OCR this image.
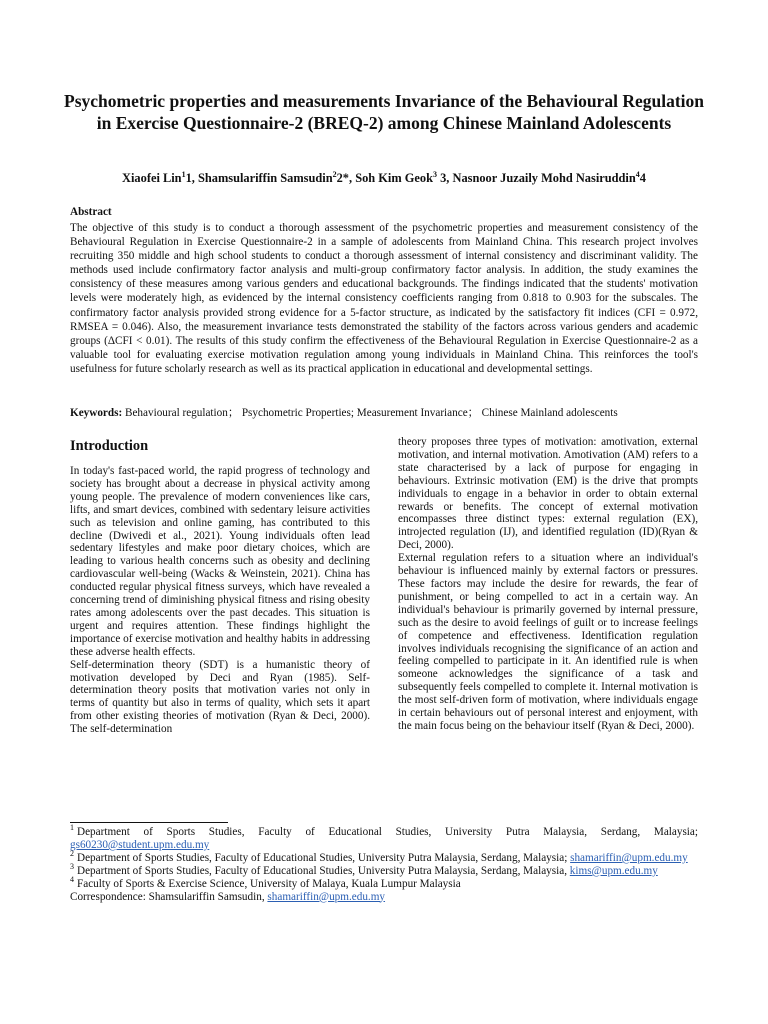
Psychometric properties and measurements Invariance of the Behavioural Regulation in Exercise Questionnaire-2 (BREQ-2) among Chinese Mainland Adolescents
Xiaofei Lin$^1$1, Shamsulariffin Samsudin$^2$2*, Soh Kim Geok$^3$ 3, Nasnoor Juzaily Mohd Nasiruddin$^4$4
Abstract

The objective of this study is to conduct a thorough assessment of the psychometric properties and measurement consistency of the Behavioural Regulation in Exercise Questionnaire-2 in a sample of adolescents from Mainland China. This research project involves recruiting 350 middle and high school students to conduct a thorough assessment of internal consistency and discriminant validity. The methods used include confirmatory factor analysis and multi-group confirmatory factor analysis. In addition, the study examines the consistency of these measures among various genders and educational backgrounds. The findings indicated that the students' motivation levels were moderately high, as evidenced by the internal consistency coefficients ranging from 0.818 to 0.903 for the subscales. The confirmatory factor analysis provided strong evidence for a 5-factor structure, as indicated by the satisfactory fit indices (CFI = 0.972, RMSEA = 0.046). Also, the measurement invariance tests demonstrated the stability of the factors across various genders and academic groups (ΔCFI < 0.01). The results of this study confirm the effectiveness of the Behavioural Regulation in Exercise Questionnaire-2 as a valuable tool for evaluating exercise motivation regulation among young individuals in Mainland China. This reinforces the tool's usefulness for future scholarly research as well as its practical application in educational and developmental settings.

Keywords: Behavioural regulation； Psychometric Properties; Measurement Invariance； Chinese Mainland adolescents
Introduction

In today's fast-paced world, the rapid progress of technology and society has brought about a decrease in physical activity among young people. The prevalence of modern conveniences like cars, lifts, and smart devices, combined with sedentary leisure activities such as television and online gaming, has contributed to this decline (Dwivedi et al., 2021). Young individuals often lead sedentary lifestyles and make poor dietary choices, which are leading to various health concerns such as obesity and declining cardiovascular well-being (Wacks & Weinstein, 2021). China has conducted regular physical fitness surveys, which have revealed a concerning trend of diminishing physical fitness and rising obesity rates among adolescents over the past decades. This situation is urgent and requires attention. These findings highlight the importance of exercise motivation and healthy habits in addressing these adverse health effects.

Self-determination theory (SDT) is a humanistic theory of motivation developed by Deci and Ryan (1985). Self-determination theory posits that motivation varies not only in terms of quantity but also in terms of quality, which sets it apart from other existing theories of motivation (Ryan & Deci, 2000). The self-determination

theory proposes three types of motivation: amotivation, external motivation, and internal motivation. Amotivation (AM) refers to a state characterised by a lack of purpose for engaging in behaviours. Extrinsic motivation (EM) is the drive that prompts individuals to engage in a behavior in order to obtain external rewards or benefits. The concept of external motivation encompasses three distinct types: external regulation (EX), introjected regulation (IJ), and identified regulation (ID)(Ryan & Deci, 2000).

External regulation refers to a situation where an individual's behaviour is influenced mainly by external factors or pressures. These factors may include the desire for rewards, the fear of punishment, or being compelled to act in a certain way. An individual's behaviour is primarily governed by internal pressure, such as the desire to avoid feelings of guilt or to increase feelings of competence and effectiveness. Identification regulation involves individuals recognising the significance of an action and feeling compelled to participate in it. An identified rule is when someone acknowledges the significance of a task and subsequently feels compelled to complete it. Internal motivation is the most self-driven form of motivation, where individuals engage in certain behaviours out of personal interest and enjoyment, with the main focus being on the behaviour itself (Ryan & Deci, 2000).

$^1$ Department of Sports Studies, Faculty of Educational Studies, University Putra Malaysia, Serdang, Malaysia; gs60230@student.upm.edu.my

$^2$ Department of Sports Studies, Faculty of Educational Studies, University Putra Malaysia, Serdang, Malaysia; shamariffin@upm.edu.my

$^3$ Department of Sports Studies, Faculty of Educational Studies, University Putra Malaysia, Serdang, Malaysia, kims@upm.edu.my

$^4$ Faculty of Sports & Exercise Science, University of Malaya, Kuala Lumpur Malaysia

Correspondence: Shamsulariffin Samsudin, shamariffin@upm.edu.my
